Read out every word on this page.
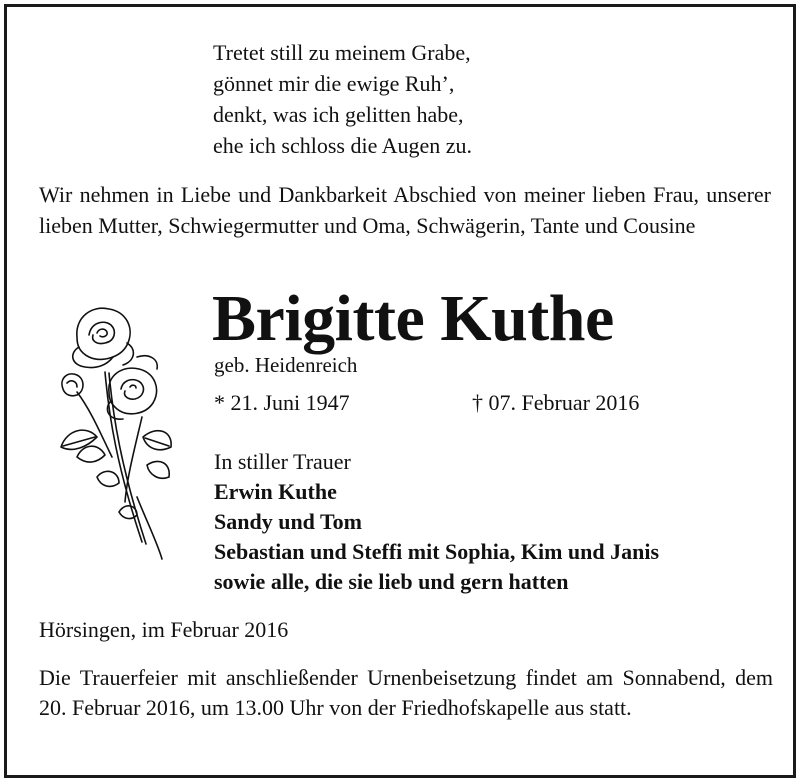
Tretet still zu meinem Grabe,
gönnet mir die ewige Ruh’,
denkt, was ich gelitten habe,
ehe ich schloss die Augen zu.
Wir nehmen in Liebe und Dankbarkeit Abschied von meiner lieben Frau, unserer lieben Mutter, Schwiegermutter und Oma, Schwägerin, Tante und Cousine
Brigitte Kuthe
geb. Heidenreich
* 21. Juni 1947	† 07. Februar 2016
In stiller Trauer
Erwin Kuthe
Sandy und Tom
Sebastian und Steffi mit Sophia, Kim und Janis
sowie alle, die sie lieb und gern hatten
Hörsingen, im Februar 2016
Die Trauerfeier mit anschließender Urnenbeisetzung findet am Sonnabend, dem 20. Februar 2016, um 13.00 Uhr von der Friedhofskapelle aus statt.
